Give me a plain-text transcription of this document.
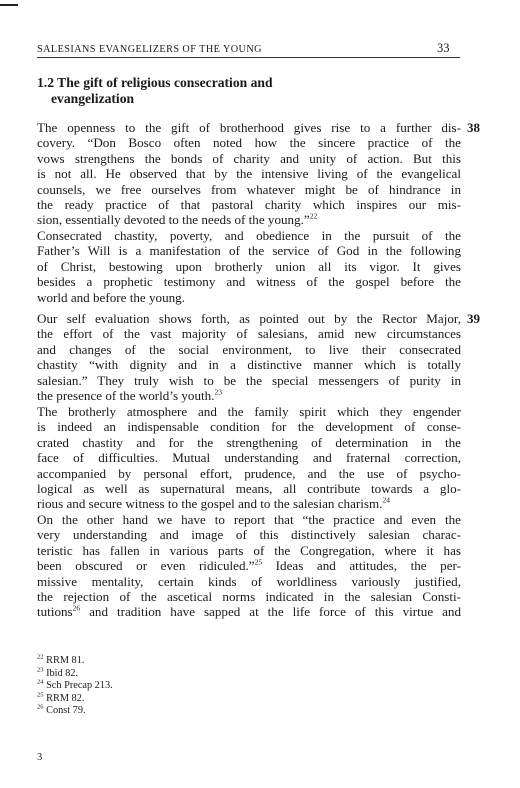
SALESIANS EVANGELIZERS OF THE YOUNG	33
1.2 The gift of religious consecration and
evangelization
38
39
The openness to the gift of brotherhood gives rise to a further dis-
covery. “Don Bosco often noted how the sincere practice of the
vows strengthens the bonds of charity and unity of action. But this
is not all. He observed that by the intensive living of the evangelical
counsels, we free ourselves from whatever might be of hindrance in
the ready practice of that pastoral charity which inspires our mis-
sion, essentially devoted to the needs of the young.”$^{22}$
Consecrated chastity, poverty, and obedience in the pursuit of the
Father’s Will is a manifestation of the service of God in the following
of Christ, bestowing upon brotherly union all its vigor. It gives
besides a prophetic testimony and witness of the gospel before the
world and before the young.
Our self evaluation shows forth, as pointed out by the Rector Major,
the effort of the vast majority of salesians, amid new circumstances
and changes of the social environment, to live their consecrated
chastity “with dignity and in a distinctive manner which is totally
salesian.” They truly wish to be the special messengers of purity in
the presence of the world’s youth.$^{23}$
The brotherly atmosphere and the family spirit which they engender
is indeed an indispensable condition for the development of conse-
crated chastity and for the strengthening of determination in the
face of difficulties. Mutual understanding and fraternal correction,
accompanied by personal effort, prudence, and the use of psycho-
logical as well as supernatural means, all contribute towards a glo-
rious and secure witness to the gospel and to the salesian charism.$^{24}$
On the other hand we have to report that “the practice and even the
very understanding and image of this distinctively salesian charac-
teristic has fallen in various parts of the Congregation, where it has
been obscured or even ridiculed.”$^{25}$ Ideas and attitudes, the per-
missive mentality, certain kinds of worldliness variously justified,
the rejection of the ascetical norms indicated in the salesian Consti-
tutions$^{26}$ and tradition have sapped at the life force of this virtue and
$^{22}$ RRM 81.
$^{23}$ Ibid 82.
$^{24}$ Sch Precap 213.
$^{25}$ RRM 82.
$^{26}$ Const 79.
3
